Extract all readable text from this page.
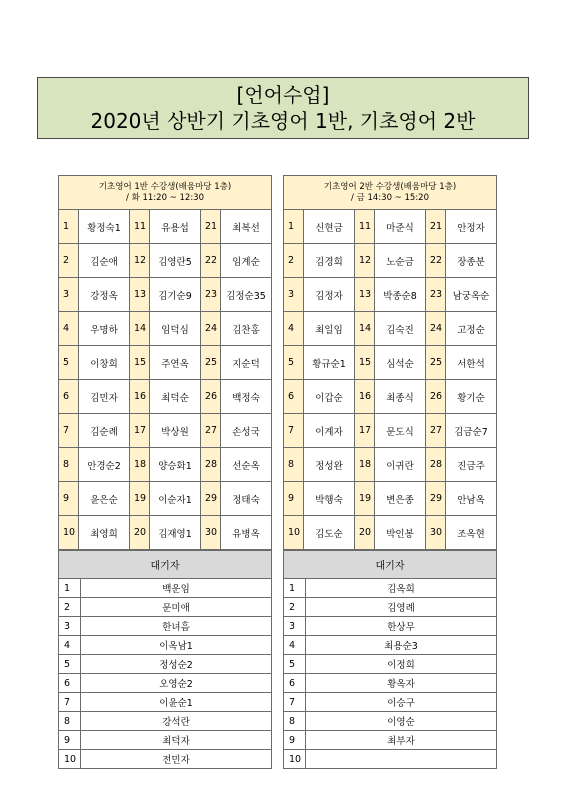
[언어수업]
2020년 상반기 기초영어 1반, 기초영어 2반
기초영어 1반 수강생(배움마당 1층)
/ 화 11:20 ~ 12:30					

1	황정숙1	11	유용섭	21	최복선
2	김순애	12	김영란5	22	임계순
3	강정옥	13	김기순9	23	김정순35
4	우명하	14	임덕심	24	김찬홍
5	이창희	15	주연옥	25	지순덕
6	김민자	16	최덕순	26	백정숙
7	김순례	17	박상원	27	손성국
8	안경순2	18	양승화1	28	선순옥
9	윤은순	19	이순자1	29	정태숙
10	최영희	20	김재영1	30	유병옥
대기자	
1	백운임
2	문미애
3	한녀흠
4	이옥남1
5	정성순2
6	오영순2
7	이윤순1
8	강석란
9	최덕자
10	전민자
기초영어 2반 수강생(배움마당 1층)
/ 금 14:30 ~ 15:20					

1	신현금	11	마준식	21	안정자
2	김경희	12	노순금	22	장종분
3	김정자	13	박종순8	23	남궁옥순
4	최일임	14	김숙진	24	고정순
5	황규순1	15	심석순	25	서한석
6	이갑순	16	최종식	26	황기순
7	이계자	17	문도식	27	김금순7
8	정성완	18	이귀란	28	진금주
9	박행숙	19	변은종	29	안남옥
10	김도순	20	박인봉	30	조옥현
대기자	
1	김옥희
2	김영례
3	한상무
4	최용순3
5	이정희
6	황옥자
7	이승구
8	이영순
9	최부자
10	
